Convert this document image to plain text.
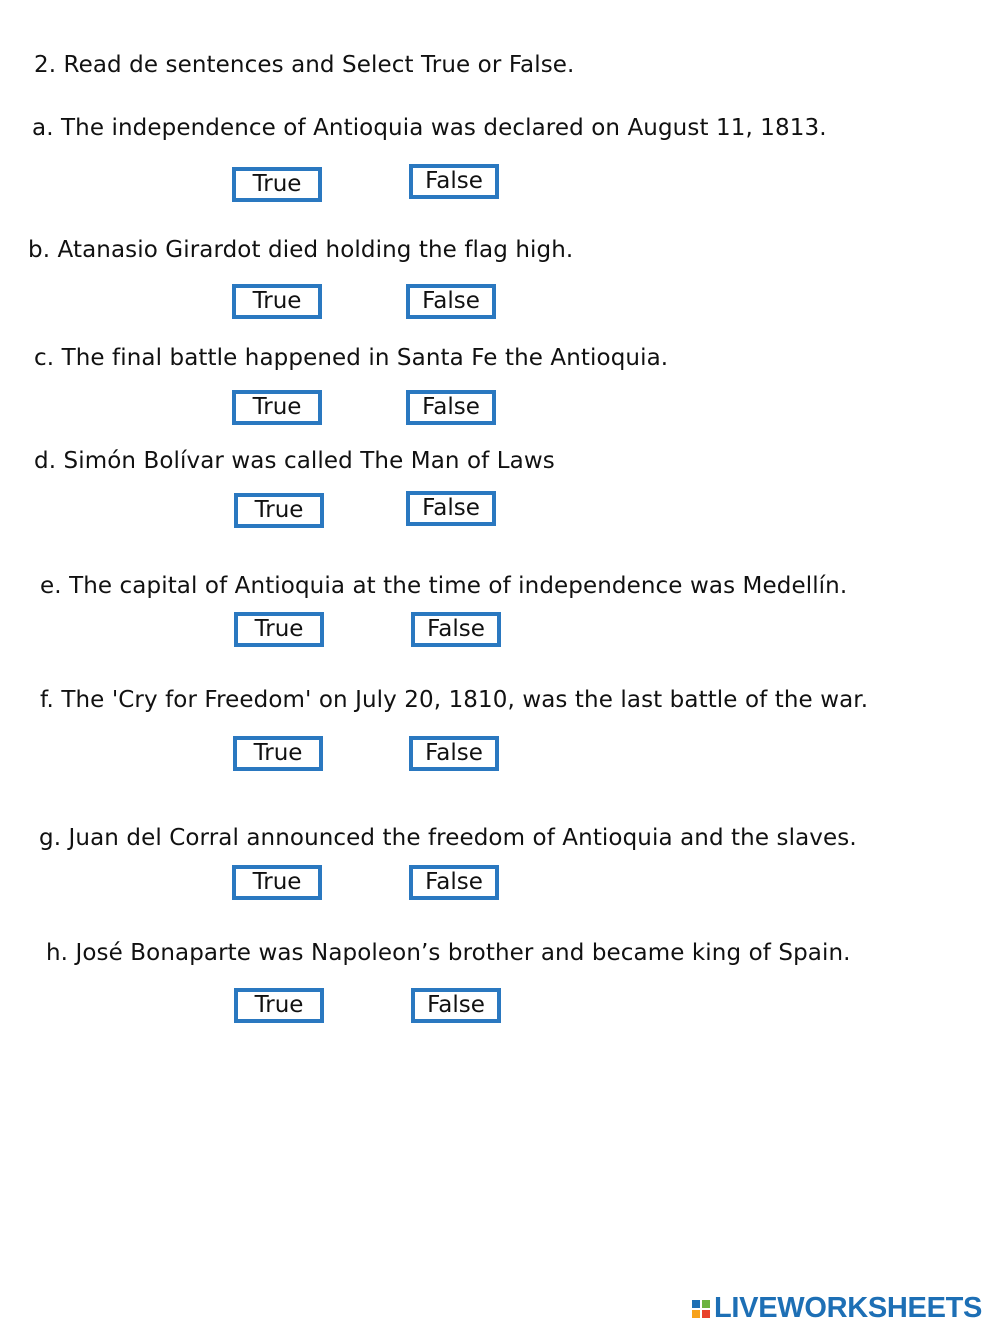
2. Read de sentences and Select True or False.
a. The independence of Antioquia was declared on August 11, 1813.
True	False
b. Atanasio Girardot died holding the flag high.
True	False
c. The final battle happened in Santa Fe the Antioquia.
True	False
d. Simón Bolívar was called The Man of Laws
True	False
e. The capital of Antioquia at the time of independence was Medellín.
True	False
f. The 'Cry for Freedom' on July 20, 1810, was the last battle of the war.
True	False
g. Juan del Corral announced the freedom of Antioquia and the slaves.
True	False
h. José Bonaparte was Napoleon’s brother and became king of Spain.
True	False
LIVEWORKSHEETS
